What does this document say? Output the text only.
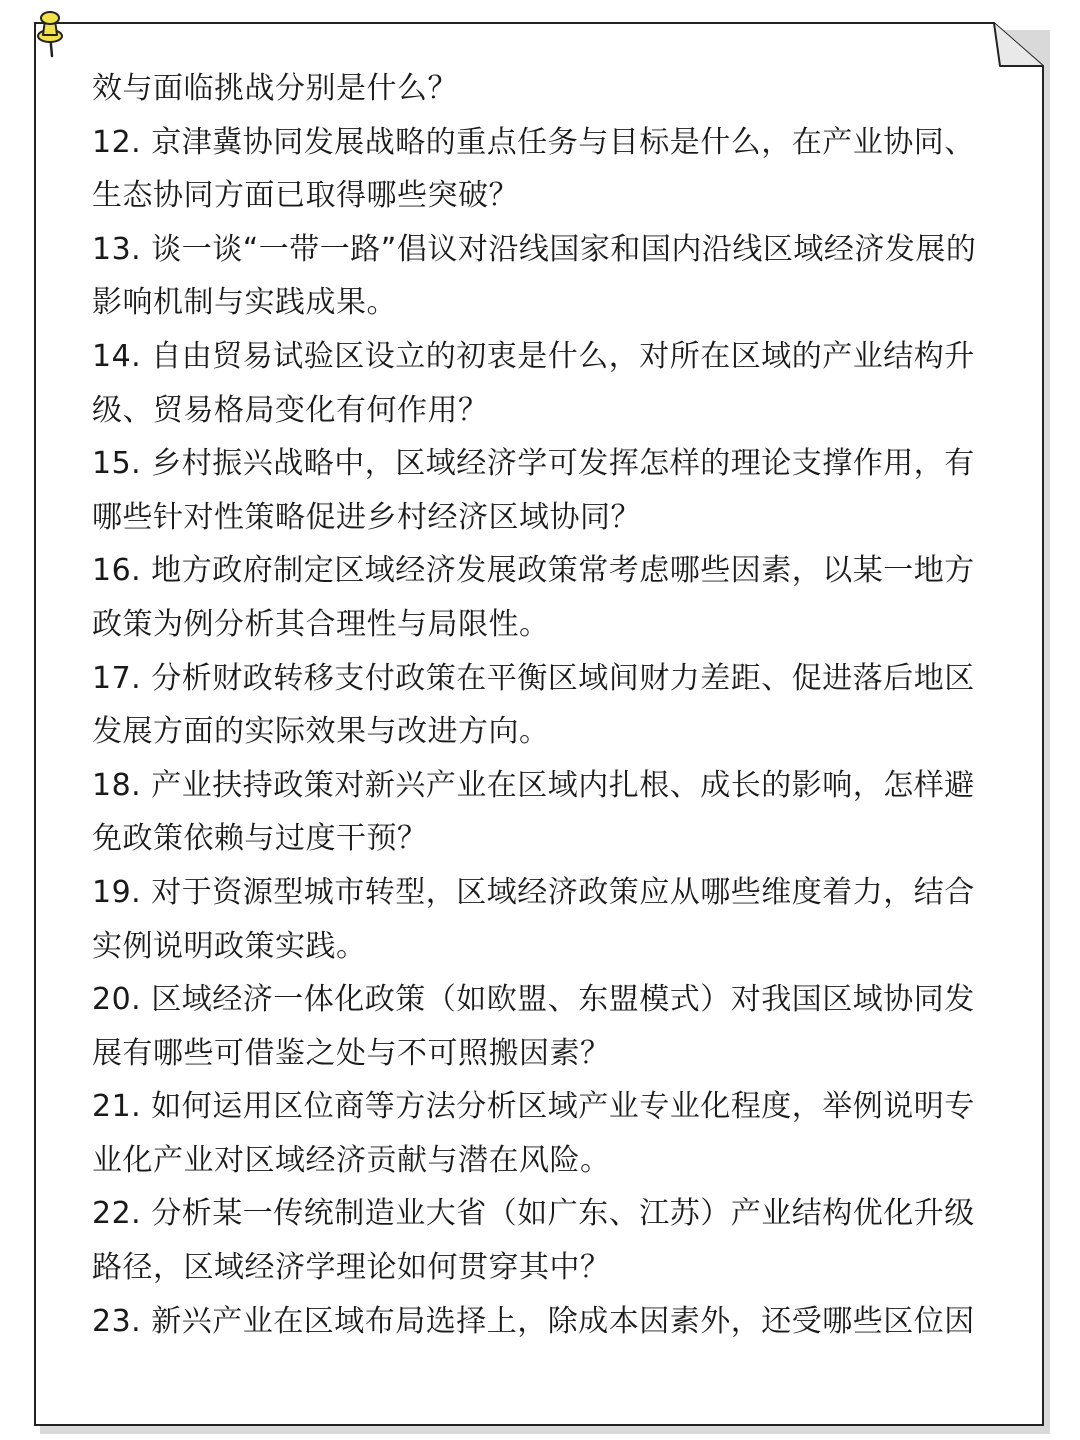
效与面临挑战分别是什么？
12. 京津冀协同发展战略的重点任务与目标是什么，在产业协同、
生态协同方面已取得哪些突破？
13. 谈一谈“一带一路”倡议对沿线国家和国内沿线区域经济发展的
影响机制与实践成果。
14. 自由贸易试验区设立的初衷是什么，对所在区域的产业结构升
级、贸易格局变化有何作用？
15. 乡村振兴战略中，区域经济学可发挥怎样的理论支撑作用，有
哪些针对性策略促进乡村经济区域协同？
16. 地方政府制定区域经济发展政策常考虑哪些因素，以某一地方
政策为例分析其合理性与局限性。
17. 分析财政转移支付政策在平衡区域间财力差距、促进落后地区
发展方面的实际效果与改进方向。
18. 产业扶持政策对新兴产业在区域内扎根、成长的影响，怎样避
免政策依赖与过度干预？
19. 对于资源型城市转型，区域经济政策应从哪些维度着力，结合
实例说明政策实践。
20. 区域经济一体化政策（如欧盟、东盟模式）对我国区域协同发
展有哪些可借鉴之处与不可照搬因素？
21. 如何运用区位商等方法分析区域产业专业化程度，举例说明专
业化产业对区域经济贡献与潜在风险。
22. 分析某一传统制造业大省（如广东、江苏）产业结构优化升级
路径，区域经济学理论如何贯穿其中？
23. 新兴产业在区域布局选择上，除成本因素外，还受哪些区位因
